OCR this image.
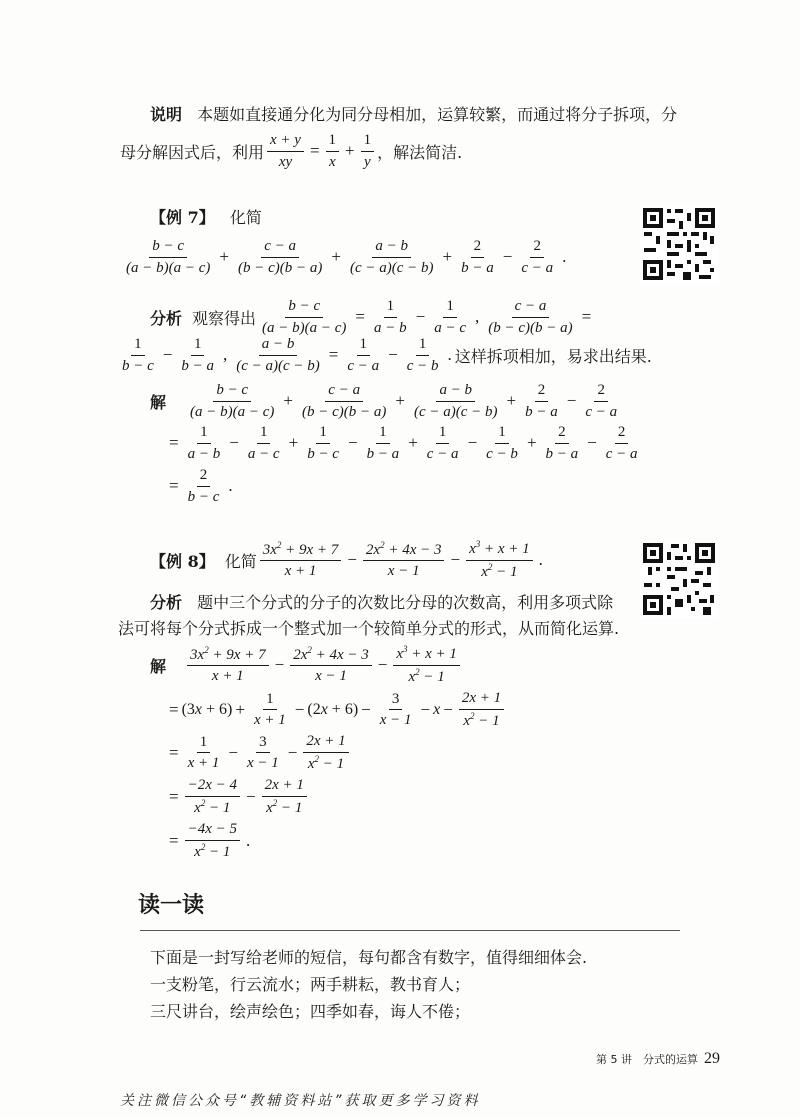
说明 本题如直接通分化为同分母相加，运算较繁，而通过将分子拆项，分
母分解因式后，利用 $\frac{x + y}{xy} = \frac{1}{x} + \frac{1}{y}$ ，解法简洁.
【例 7】 化简
$\frac{b - c}{(a - b)(a - c)} + \frac{c - a}{(b - c)(b - a)} + \frac{a - b}{(c - a)(c - b)} + \frac{2}{b - a} - \frac{2}{c - a}$ .
分析 观察得出 $\frac{b - c}{(a - b)(a - c)} = \frac{1}{a - b} - \frac{1}{a - c}$ , $\frac{c - a}{(b - c)(b - a)}$ =
$\frac{1}{b - c} - \frac{1}{b - a}$ , $\frac{a - b}{(c - a)(c - b)} = \frac{1}{c - a} - \frac{1}{c - b}$ . 这样拆项相加，易求出结果.
解 $\frac{b - c}{(a - b)(a - c)} + \frac{c - a}{(b - c)(b - a)} + \frac{a - b}{(c - a)(c - b)} + \frac{2}{b - a} - \frac{2}{c - a}$
= $\frac{1}{a - b} - \frac{1}{a - c} + \frac{1}{b - c} - \frac{1}{b - a} + \frac{1}{c - a} - \frac{1}{c - b} + \frac{2}{b - a} - \frac{2}{c - a}$
= $\frac{2}{b - c}$ .
【例 8】 化简 $\frac{3x^2 + 9x + 7}{x + 1} - \frac{2x^2 + 4x - 3}{x - 1} - \frac{x^3 + x + 1}{x^2 - 1}$ .
分析 题中三个分式的分子的次数比分母的次数高，利用多项式除
法可将每个分式拆成一个整式加一个较简单分式的形式，从而简化运算.
解 $\frac{3x^2 + 9x + 7}{x + 1} - \frac{2x^2 + 4x - 3}{x - 1} - \frac{x^3 + x + 1}{x^2 - 1}$
= $(3x + 6) + \frac{1}{x + 1} - (2x + 6) - \frac{3}{x - 1} - x - \frac{2x + 1}{x^2 - 1}$
= $\frac{1}{x + 1} - \frac{3}{x - 1} - \frac{2x + 1}{x^2 - 1}$
= $\frac{-2x - 4}{x^2 - 1} - \frac{2x + 1}{x^2 - 1}$
= $\frac{-4x - 5}{x^2 - 1}$ .
读一读
下面是一封写给老师的短信，每句都含有数字，值得细细体会.
一支粉笔，行云流水；两手耕耘，教书育人；
三尺讲台，绘声绘色；四季如春，诲人不倦；
第 5 讲　分式的运算 29
关注微信公众号“教辅资料站”获取更多学习资料
